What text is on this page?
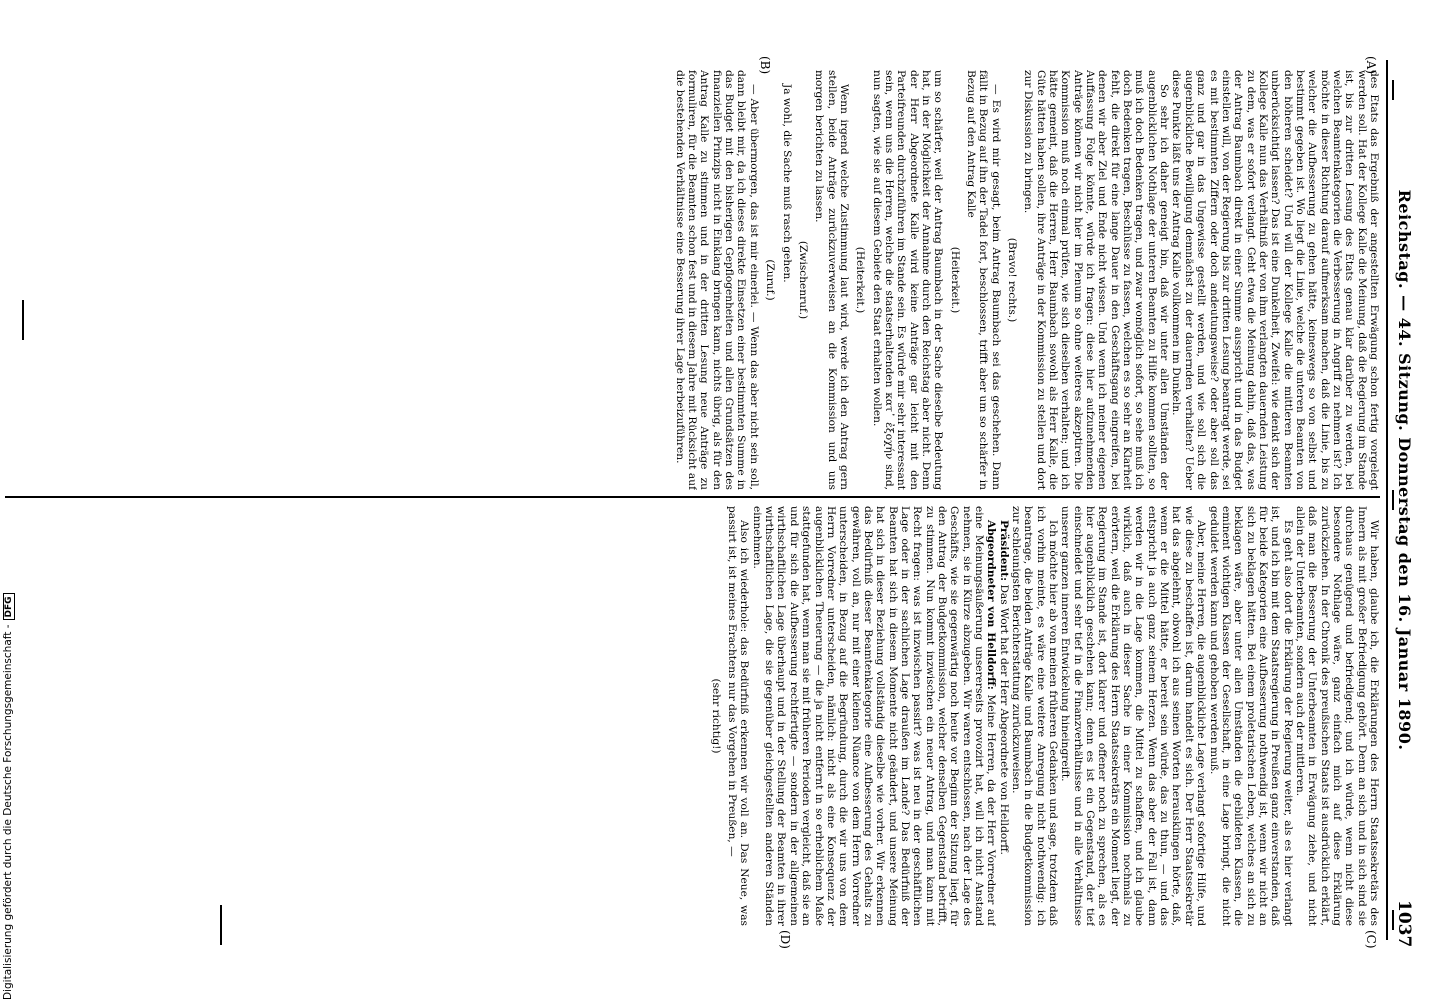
Reichstag. — 44. Sitzung. Donnerstag den 16. Januar 1890.
1037
(A)
(B)
(C)
(D)

des Etats das Ergebniß der angestellten Erwägung schon fertig vorgelegt werden soll. Hat der Kollege Kalle die Meinung, daß die Regierung im Stande ist, bis zur dritten Lesung des Etats genau klar darüber zu werden, bei welchen Beamtenkategorien die Verbesserung in Angriff zu nehmen ist? Ich möchte in dieser Richtung darauf aufmerksam machen, daß die Linie, bis zu welcher die Aufbesserung zu gehen hätte, keineswegs so von selbst und bestimmt gegeben ist. Wo liegt die Linie, welche die unteren Beamten von den höheren scheidet? Und will der Kollege Kalle die mittleren Beamten unberücksichtigt lassen? Das ist eine Dunkelheit, Zweifel: wie denkt sich der Kollege Kalle nun das Verhältniß der von ihm verlangten dauernden Leistung zu dem, was er sofort verlangt. Geht etwa die Meinung dahin, daß das, was der Antrag Baumbach direkt in einer Summe ausspricht und in das Budget einstellen will, von der Regierung bis zur dritten Lesung beantragt werde, sei es mit bestimmten Ziffern oder doch andeutungsweise? oder aber soll das ganz und gar in das Ungewisse gestellt werden, und wie soll sich die augenblickliche Bewilligung demnächst zu der dauernden verhalten? Ueber diese Punkte läßt uns der Antrag Kalle vollkommen im Dunkeln.

So sehr ich daher geneigt bin, daß wir unter allen Umständen der augenblicklichen Nothlage der unteren Beamten zu Hilfe kommen sollten, so muß ich doch Bedenken tragen, und zwar womöglich sofort, so sehe muß ich doch Bedenken tragen, Beschlüsse zu fassen, welchen es so sehr an Klarheit fehlt, die direkt für eine lange Dauer in den Geschäftsgang eingreifen, bei denen wir aber Ziel und Ende nicht wissen. Und wenn ich meiner eigenen Auffassung Folge könnte, würde ich fragen: diese hier aufzunehmenden Anträge können wir nicht hier im Plenum so ohne weiteres akzeptiren. Die Kommission muß noch einmal prüfen, wie sich dieselben verhalten; und ich hätte gemeint, daß die Herren, Herr Baumbach sowohl als Herr Kalle, die Güte hätten haben sollen, ihre Anträge in der Kommission zu stellen und dort zur Diskussion zu bringen.

(Bravo! rechts.)

— Es wird mir gesagt, beim Antrag Baumbach sei das geschehen. Dann fällt in Bezug auf ihn der Tadel fort, beschlossen, trifft aber um so schärfer in Bezug auf den Antrag Kalle

(Heiterkeit.)

um so schärfer, weil der Antrag Baumbach in der Sache dieselbe Bedeutung hat, in der Möglichkeit der Annahme durch den Reichstag aber nicht. Denn der Herr Abgeordnete Kalle wird keine Anträge gar leicht mit den Parteifreunden durchzuführen im Stande sein. Es würde mir sehr interessant sein, wenn uns die Herren, welche die staatserhaltenden κατ᾽ ἐξοχήν sind, nun sagten, wie sie auf diesem Gebiete den Staat erhalten wollen.

(Heiterkeit.)

Wenn irgend welche Zustimmung laut wird, werde ich den Antrag gern stellen, beide Anträge zurückzuverweisen an die Kommission und uns morgen berichten zu lassen.

(Zwischenruf.)

Ja wohl, die Sache muß rasch gehen.

(Zuruf.)

— Aber übermorgen, das ist mir einerlei. — Wenn das aber nicht sein soll, dann bleibt mir, da ich dieses direkte Einsetzen einer bestimmten Summe in das Budget mit den bisherigen Gepflogenheiten und allen Grundsätzen des finanziellen Prinzips nicht in Einklang bringen kann, nichts übrig, als für den Antrag Kalle zu stimmen und in der dritten Lesung neue Anträge zu formuliren, für die Beamten schon fest und in diesem Jahre mit Rücksicht auf die bestehenden Verhältnisse eine Besserung ihrer Lage herbeizuführen.

Wir haben, glaube ich, die Erklärungen des Herrn Staatssekretärs des Innern als mit großer Befriedigung gehört. Denn an sich und in sich sind sie durchaus genügend und befriedigend; und ich würde, wenn nicht diese besondere Nothlage wäre, ganz einfach mich auf diese Erklärung zurückziehen. In der Chronik des preußischen Staats ist ausdrücklich erklärt, daß man die Besserung der Unterbeamten in Erwägung ziehe, und nicht allein der Unterbeamten, sondern auch der mittleren.

Es geht also dort die Erklärung der Regierung weiter, als es hier verlangt ist, und ich bin mit dem Staatsregierung in Preußen ganz einverstanden, daß für beide Kategorien eine Aufbesserung nothwendig ist, wenn wir nicht an sich zu beklagen hätten. Bei einem proletarischen Leben, welches an sich zu beklagen wäre, aber unter allen Umständen die gebildeten Klassen, die eminent wichtigen Klassen der Gesellschaft, in eine Lage bringt, die nicht geduldet werden kann und gehoben werden muß.

Aber, meine Herren, die augenblickliche Lage verlangt sofortige Hilfe, und wie diese zu beschaffen ist, darum handelt es sich. Der Herr Staatssekretär hat das abgelehnt, obwohl ich aus seinen Worten herausklingen hörte, daß, wenn er die Mittel hätte, er bereit sein würde, das zu thun, — und das entspricht ja auch ganz seinem Herzen. Wenn das aber der Fall ist, dann werden wir in die Lage kommen, die Mittel zu schaffen, und ich glaube wirklich, daß auch in dieser Sache in einer Kommission nochmals zu erörtern, weil die Erklärung des Herrn Staatssekretärs ein Moment liegt, der Regierung im Stande ist, dort klarer und offener noch zu sprechen, als es hier augenblicklich geschehen kann; denn es ist ein Gegenstand, der tief einschneidet und sehr tief in die Finanzverhältnisse und in alle Verhältnisse unserer ganzen inneren Entwickelung hineingreift.

Ich möchte hier ab von meinen früheren Gedanken und sage, trotzdem daß ich vorhin meinte, es wäre eine weitere Anregung nicht nothwendig: ich beantrage, die beiden Anträge Kalle und Baumbach in die Budgetkommission zur schleunigsten Berichterstattung zurückzuweisen.

Präsident: Das Wort hat der Herr Abgeordnete von Helldorff.

Abgeordneter von Helldorff: Meine Herren, da der Herr Vorredner auf eine Meinungsäußerung unsererseits provozirt hat, will ich nicht Anstand nehmen, sie in Kürze abzugeben. Wir waren entschlossen, nach der Lage des Geschäfts, wie sie gegenwärtig noch heute vor Beginn der Sitzung liegt, für den Antrag der Budgetkommission, welcher denselben Gegenstand betrifft, zu stimmen. Nun kommt inzwischen ein neuer Antrag, und man kann mit Recht fragen: was ist inzwischen passirt? was ist neu in der geschäftlichen Lage oder in der sachlichen Lage draußen im Lande? Das Bedürfniß der Beamten hat sich in diesem Momente nicht geändert, und unsere Meinung hat sich in dieser Beziehung vollständig dieselbe wie vorher. Wir erkennen das Bedürfniß dieser Beamtenkategorie eine Aufbesserung des Gehalts zu gewähren, voll an, nur mit einer kleinen Nüance von dem Herrn Vorredner unterscheiden, in Bezug auf die Begründung, durch die wir uns von dem Herrn Vorredner unterscheiden, nämlich: nicht als eine Konsequenz der augenblicklichen Theuerung — die ja nicht entfernt in so erheblichem Maße stattgefunden hat, wenn man sie mit früheren Perioden vergleicht, daß sie an und für sich die Aufbesserung rechtfertigte — sondern in der allgemeinen wirthschaftlichen Lage überhaupt und in der Stellung der Beamten in ihrer wirthschaftlichen Lage, die sie gegenüber gleichgestellten anderen Ständen einnehmen.

Also ich wiederhole: das Bedürfniß erkennen wir voll an. Das Neue, was passirt ist, ist meines Erachtens nur das Vorgehen in Preußen, —

(sehr richtig!)
Digitalisierung gefördert durch die Deutsche Forschungsgemeinschaft -DFG
